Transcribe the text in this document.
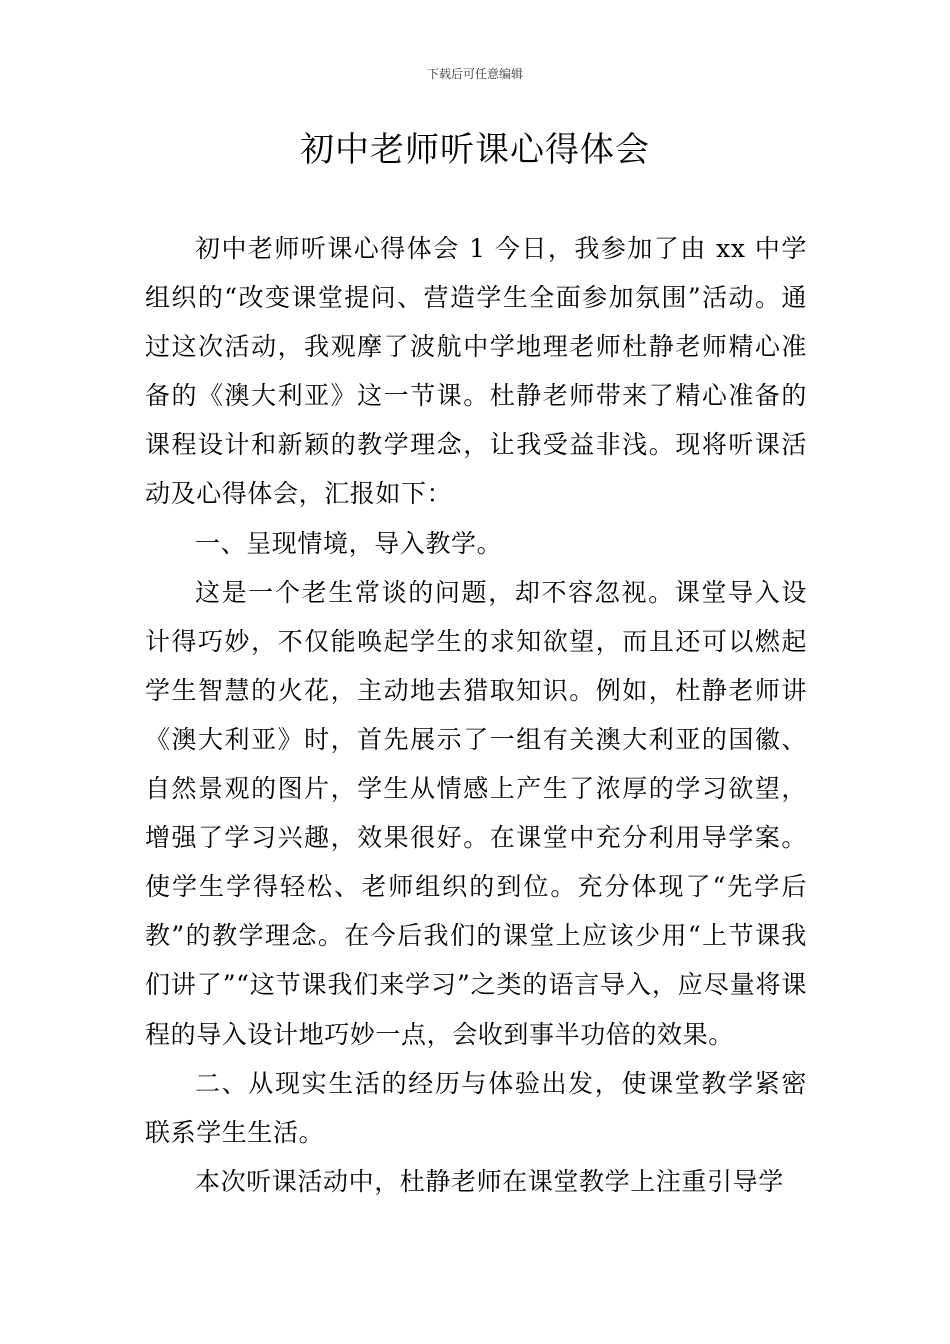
下载后可任意编辑
初中老师听课心得体会

初中老师听课心得体会 1 今日，我参加了由 xx 中学组织的“改变课堂提问、营造学生全面参加氛围”活动。通过这次活动，我观摩了波航中学地理老师杜静老师精心准备的《澳大利亚》这一节课。杜静老师带来了精心准备的课程设计和新颖的教学理念，让我受益非浅。现将听课活动及心得体会，汇报如下：

一、呈现情境，导入教学。

这是一个老生常谈的问题，却不容忽视。课堂导入设计得巧妙，不仅能唤起学生的求知欲望，而且还可以燃起学生智慧的火花，主动地去猎取知识。例如，杜静老师讲《澳大利亚》时，首先展示了一组有关澳大利亚的国徽、自然景观的图片，学生从情感上产生了浓厚的学习欲望，增强了学习兴趣，效果很好。在课堂中充分利用导学案。使学生学得轻松、老师组织的到位。充分体现了“先学后教”的教学理念。在今后我们的课堂上应该少用“上节课我们讲了”“这节课我们来学习”之类的语言导入，应尽量将课程的导入设计地巧妙一点，会收到事半功倍的效果。

二、从现实生活的经历与体验出发，使课堂教学紧密联系学生生活。

本次听课活动中，杜静老师在课堂教学上注重引导学
